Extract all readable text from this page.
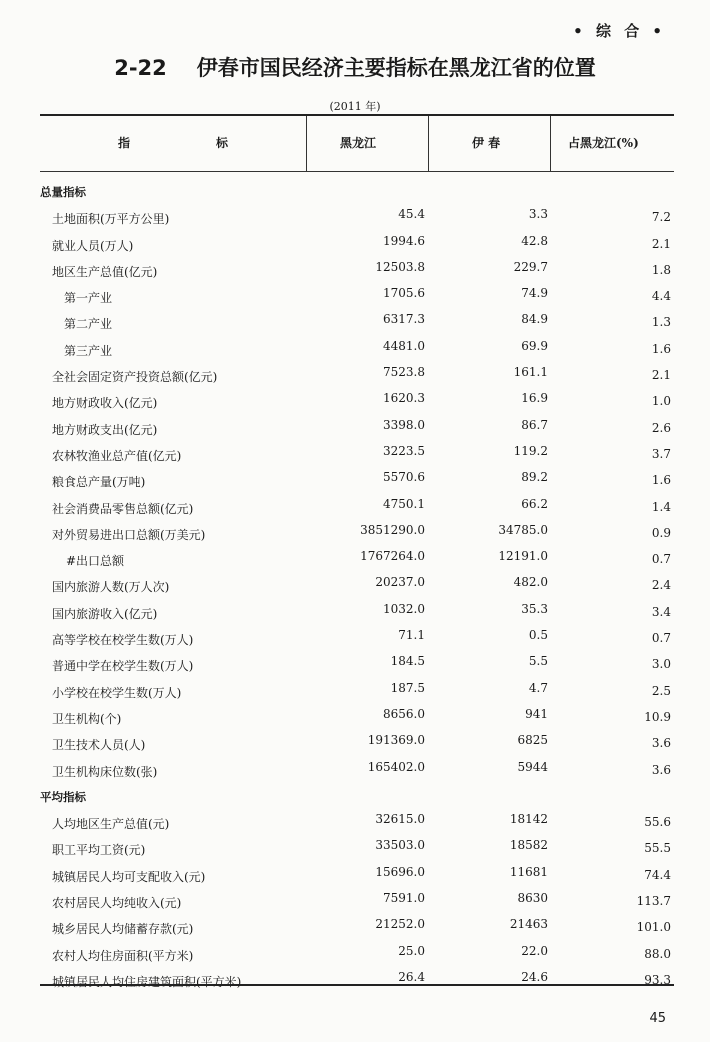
• 综 合 •
2-22 伊春市国民经济主要指标在黑龙江省的位置
(2011 年)
指	标	黑龙江	伊 春	占黑龙江(%)
总量指标
土地面积(万平方公里)	45.4	3.3	7.2
就业人员(万人)	1994.6	42.8	2.1
地区生产总值(亿元)	12503.8	229.7	1.8
第一产业	1705.6	74.9	4.4
第二产业	6317.3	84.9	1.3
第三产业	4481.0	69.9	1.6
全社会固定资产投资总额(亿元)	7523.8	161.1	2.1
地方财政收入(亿元)	1620.3	16.9	1.0
地方财政支出(亿元)	3398.0	86.7	2.6
农林牧渔业总产值(亿元)	3223.5	119.2	3.7
粮食总产量(万吨)	5570.6	89.2	1.6
社会消费品零售总额(亿元)	4750.1	66.2	1.4
对外贸易进出口总额(万美元)	3851290.0	34785.0	0.9
#出口总额	1767264.0	12191.0	0.7
国内旅游人数(万人次)	20237.0	482.0	2.4
国内旅游收入(亿元)	1032.0	35.3	3.4
高等学校在校学生数(万人)	71.1	0.5	0.7
普通中学在校学生数(万人)	184.5	5.5	3.0
小学校在校学生数(万人)	187.5	4.7	2.5
卫生机构(个)	8656.0	941	10.9
卫生技术人员(人)	191369.0	6825	3.6
卫生机构床位数(张)	165402.0	5944	3.6
平均指标
人均地区生产总值(元)	32615.0	18142	55.6
职工平均工资(元)	33503.0	18582	55.5
城镇居民人均可支配收入(元)	15696.0	11681	74.4
农村居民人均纯收入(元)	7591.0	8630	113.7
城乡居民人均储蓄存款(元)	21252.0	21463	101.0
农村人均住房面积(平方米)	25.0	22.0	88.0
城镇居民人均住房建筑面积(平方米)	26.4	24.6	93.3
45
